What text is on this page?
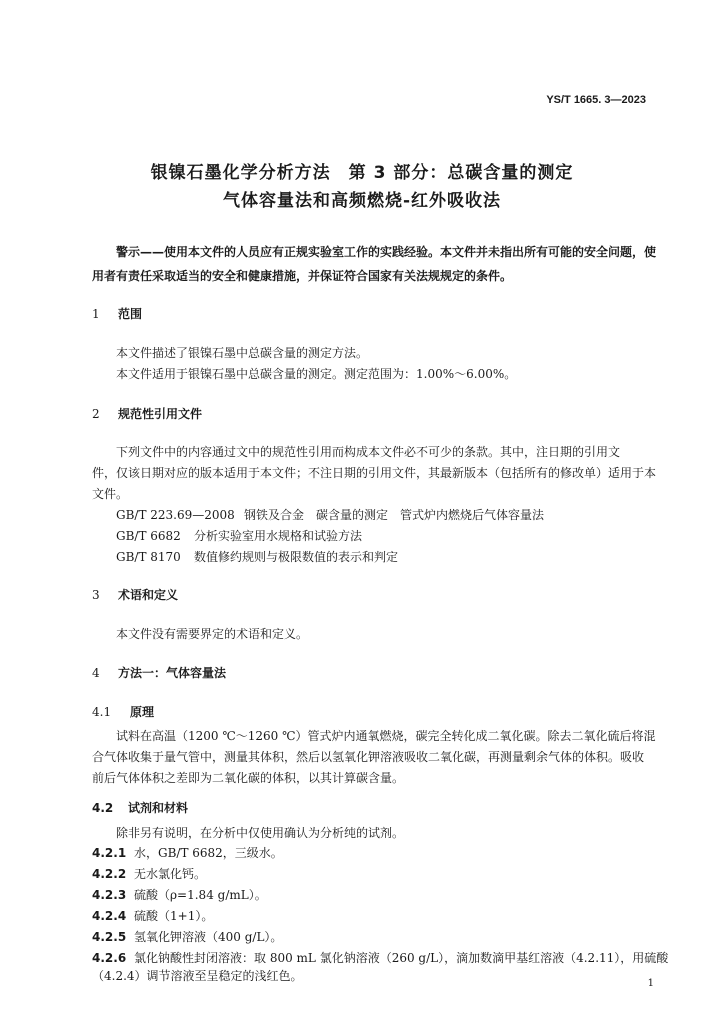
YS/T 1665. 3—2023
银镍石墨化学分析方法　第 3 部分：总碳含量的测定
气体容量法和高频燃烧-红外吸收法
警示——使用本文件的人员应有正规实验室工作的实践经验。本文件并未指出所有可能的安全问题，使用者有责任采取适当的安全和健康措施，并保证符合国家有关法规规定的条件。
1 范围
本文件描述了银镍石墨中总碳含量的测定方法。
本文件适用于银镍石墨中总碳含量的测定。测定范围为：1.00%～6.00%。
2 规范性引用文件
下列文件中的内容通过文中的规范性引用而构成本文件必不可少的条款。其中，注日期的引用文
件，仅该日期对应的版本适用于本文件；不注日期的引用文件，其最新版本（包括所有的修改单）适用于本
文件。
GB/T 223.69—2008 钢铁及合金　碳含量的测定　管式炉内燃烧后气体容量法
GB/T 6682 分析实验室用水规格和试验方法
GB/T 8170 数值修约规则与极限数值的表示和判定
3 术语和定义
本文件没有需要界定的术语和定义。
4 方法一：气体容量法
4.1 原理
试料在高温（1200 ℃～1260 ℃）管式炉内通氧燃烧，碳完全转化成二氧化碳。除去二氧化硫后将混
合气体收集于量气管中，测量其体积，然后以氢氧化钾溶液吸收二氧化碳，再测量剩余气体的体积。吸收
前后气体体积之差即为二氧化碳的体积，以其计算碳含量。
4.2 试剂和材料
除非另有说明，在分析中仅使用确认为分析纯的试剂。
4.2.1 水，GB/T 6682，三级水。
4.2.2 无水氯化钙。
4.2.3 硫酸（ρ=1.84 g/mL）。
4.2.4 硫酸（1+1）。
4.2.5 氢氧化钾溶液（400 g/L）。
4.2.6 氯化钠酸性封闭溶液：取 800 mL 氯化钠溶液（260 g/L），滴加数滴甲基红溶液（4.2.11），用硫酸
（4.2.4）调节溶液至呈稳定的浅红色。
1
